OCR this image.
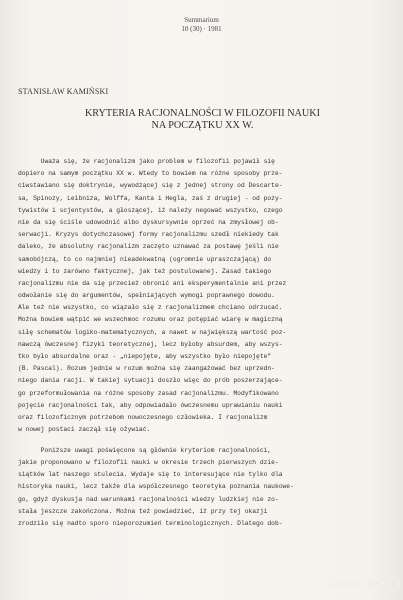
Summarium
10 (30) · 1981
STANISŁAW KAMIŃSKI
KRYTERIA RACJONALNOŚCI W FILOZOFII NAUKI
NA POCZĄTKU XX W.
Uważa się, że racjonalizm jako problem w filozofii pojawił się
dopiero na samym początku XX w. Wtedy to bowiem na różne sposoby prze-
ciwstawiano się doktrynie, wywodzącej się z jednej strony od Descarte-
sa, Spinozy, Leibniza, Wolffa, Kanta i Hegla, zaś z drugiej - od pozy-
tywistów i scjentystów, a głoszącej, iż należy negować wszystko, czego
nie da się ściśle udowodnić albo dyskursywnie oprzeć na zmysłowej ob-
serwacji. Kryzys dotychczasowej formy racjonalizmu szedł niekiedy tak
daleko, że absolutny racjonalizm zaczęto uznawać za postawę jeśli nie
samobójczą, to co najmniej nieadekwatną (ogromnie upraszczającą) do
wiedzy i to zarówno faktycznej, jak też postulowanej. Zasad takiego
racjonalizmu nie da się przecież obronić ani eksperymentalnie ani przez
odwołanie się do argumentów, spełniających wymogi poprawnego dowodu.
Ale też nie wszystko, co wiązało się z racjonalizmem chciano odrzucać.
Można bowiem wątpić we wszechmoc rozumu oraz potępiać wiarę w magiczną
siłę schematów logiko-matematycznych, a nawet w największą wartość poz-
nawczą ówczesnej fizyki teoretycznej, lecz byłoby absurdem, aby wszys-
tko było absurdalne oraz - „niepojęte, aby wszystko było niepojęte”
(B. Pascal). Rozum jednie w rozum można się zaangażować bez uprzedn-
niego dania racji. W takiej sytuacji doszło więc do prób poszerzające-
go przeformułowania na różne sposoby zasad racjonalizmu. Modyfikowano
pojęcie racjonalności tak, aby odpowiadało ówczesnemu uprawianiu nauki
oraz filozoficznym potrzebom nowoczesnego człowieka. I racjonalizm
w nowej postaci zaczął się ożywiać.
Poniższe uwagi poświęcone są głównie kryteriom racjonalności,
jakie proponowano w filozofii nauki w okresie trzech pierwszych dzie-
siątków lat naszego stulecia. Wydaje się to interesujące nie tylko dla
historyka nauki, lecz także dla współczesnego teoretyka poznania naukowe-
go, gdyż dyskusja nad warunkami racjonalności wiedzy ludzkiej nie zo-
stała jeszcze zakończona. Można też powiedzieć, iż przy tej okazji
zrodziło się nadto sporo nieporozumień terminologicznych. Dlatego dob-
Pobrano z czytelni.pl
